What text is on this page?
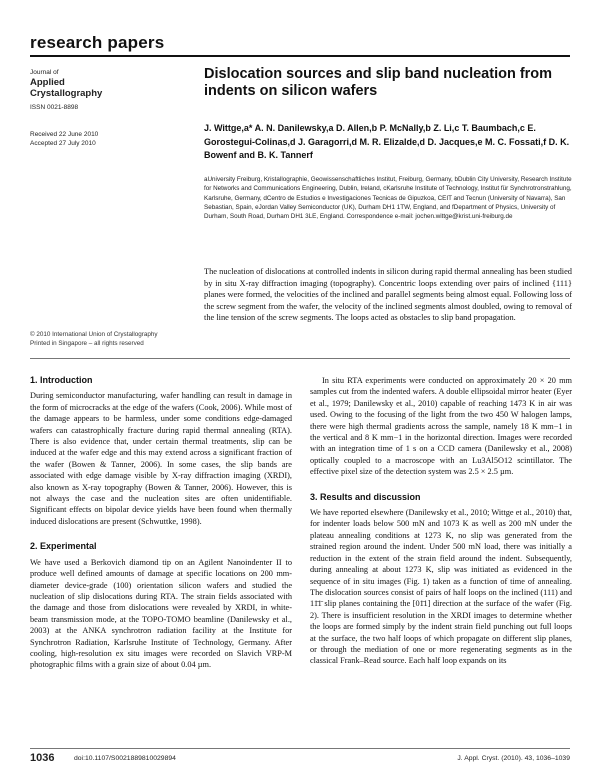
research papers
Journal of
Applied
Crystallography
ISSN 0021-8898
Received 22 June 2010
Accepted 27 July 2010
Dislocation sources and slip band nucleation from indents on silicon wafers
J. Wittge,a* A. N. Danilewsky,a D. Allen,b P. McNally,b Z. Li,c T. Baumbach,c E. Gorostegui-Colinas,d J. Garagorri,d M. R. Elizalde,d D. Jacques,e M. C. Fossati,f D. K. Bowenf and B. K. Tannerf
aUniversity Freiburg, Kristallographie, Geowissenschaftliches Institut, Freiburg, Germany, bDublin City University, Research Institute for Networks and Communications Engineering, Dublin, Ireland, cKarlsruhe Institute of Technology, Institut für Synchrotronstrahlung, Karlsruhe, Germany, dCentro de Estudios e Investigaciones Tecnicas de Gipuzkoa, CEIT and Tecnun (University of Navarra), San Sebastian, Spain, eJordan Valley Semiconductor (UK), Durham DH1 1TW, England, and fDepartment of Physics, University of Durham, South Road, Durham DH1 3LE, England. Correspondence e-mail: jochen.wittge@krist.uni-freiburg.de
The nucleation of dislocations at controlled indents in silicon during rapid thermal annealing has been studied by in situ X-ray diffraction imaging (topography). Concentric loops extending over pairs of inclined {111} planes were formed, the velocities of the inclined and parallel segments being almost equal. Following loss of the screw segment from the wafer, the velocity of the inclined segments almost doubled, owing to removal of the line tension of the screw segments. The loops acted as obstacles to slip band propagation.
© 2010 International Union of Crystallography
Printed in Singapore – all rights reserved
1. Introduction

During semiconductor manufacturing, wafer handling can result in damage in the form of microcracks at the edge of the wafers (Cook, 2006). While most of the damage appears to be harmless, under some conditions edge-damaged wafers can catastrophically fracture during rapid thermal annealing (RTA). There is also evidence that, under certain thermal treatments, slip can be induced at the wafer edge and this may extend across a significant fraction of the wafer (Bowen & Tanner, 2006). In some cases, the slip bands are associated with edge damage visible by X-ray diffraction imaging (XRDI), also known as X-ray topography (Bowen & Tanner, 2006). However, this is not always the case and the nucleation sites are often unidentifiable. Significant effects on bipolar device yields have been found when thermally induced dislocations are present (Schwuttke, 1998).

2. Experimental

We have used a Berkovich diamond tip on an Agilent Nanoindenter II to produce well defined amounts of damage at specific locations on 200 mm-diameter device-grade (100) orientation silicon wafers and studied the nucleation of slip dislocations during RTA. The strain fields associated with the damage and those from dislocations were revealed by XRDI, in white-beam transmission mode, at the TOPO-TOMO beamline (Danilewsky et al., 2003) at the ANKA synchrotron radiation facility at the Institute for Synchrotron Radiation, Karlsruhe Institute of Technology, Germany. After cooling, high-resolution ex situ images were recorded on Slavich VRP-M photographic films with a grain size of about 0.04 µm.

In situ RTA experiments were conducted on approximately 20 × 20 mm samples cut from the indented wafers. A double ellipsoidal mirror heater (Eyer et al., 1979; Danilewsky et al., 2010) capable of reaching 1473 K in air was used. Owing to the focusing of the light from the two 450 W halogen lamps, there were high thermal gradients across the sample, namely 18 K mm−1 in the vertical and 8 K mm−1 in the horizontal direction. Images were recorded with an integration time of 1 s on a CCD camera (Danilewsky et al., 2008) optically coupled to a macroscope with an Lu3Al5O12 scintillator. The effective pixel size of the detection system was 2.5 × 2.5 µm.

3. Results and discussion

We have reported elsewhere (Danilewsky et al., 2010; Wittge et al., 2010) that, for indenter loads below 500 mN and 1073 K as well as 200 mN under the plateau annealing conditions at 1273 K, no slip was generated from the strained region around the indent. Under 500 mN load, there was initially a reduction in the extent of the strain field around the indent. Subsequently, during annealing at about 1273 K, slip was initiated as evidenced in the sequence of in situ images (Fig. 1) taken as a function of time of annealing. The dislocation sources consist of pairs of half loops on the inclined (111) and 11̄1̄ slip planes containing the [01̄1] direction at the surface of the wafer (Fig. 2). There is insufficient resolution in the XRDI images to determine whether the loops are formed simply by the indent strain field punching out full loops at the surface, the two half loops of which propagate on different slip planes, or through the mediation of one or more regenerating segments as in the classical Frank–Read source. Each half loop expands on its

1036	doi:10.1107/S0021889810029894	J. Appl. Cryst. (2010). 43, 1036–1039
